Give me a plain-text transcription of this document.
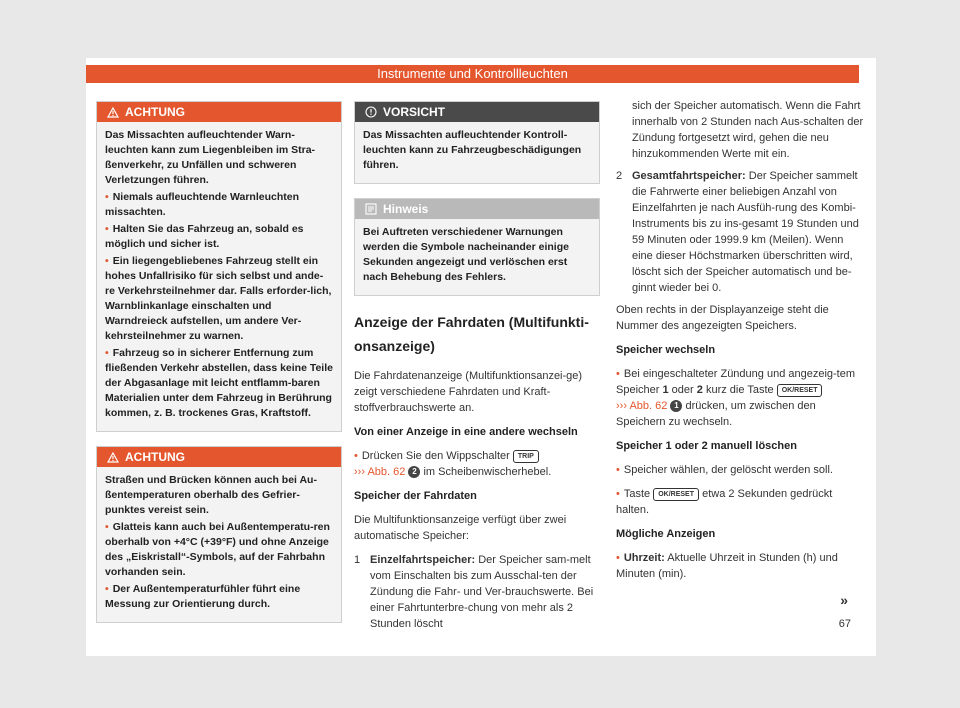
Instrumente und Kontrollleuchten
ACHTUNG

Das Missachten aufleuchtender Warn-leuchten kann zum Liegenbleiben im Stra-ßenverkehr, zu Unfällen und schweren Verletzungen führen.

• Niemals aufleuchtende Warnleuchten missachten.

• Halten Sie das Fahrzeug an, sobald es möglich und sicher ist.

• Ein liegengebliebenes Fahrzeug stellt ein hohes Unfallrisiko für sich selbst und ande-re Verkehrsteilnehmer dar. Falls erforder-lich, Warnblinkanlage einschalten und Warndreieck aufstellen, um andere Ver-kehrsteilnehmer zu warnen.

• Fahrzeug so in sicherer Entfernung zum fließenden Verkehr abstellen, dass keine Teile der Abgasanlage mit leicht entflamm-baren Materialien unter dem Fahrzeug in Berührung kommen, z. B. trockenes Gras, Kraftstoff.

ACHTUNG

Straßen und Brücken können auch bei Au-ßentemperaturen oberhalb des Gefrier-punktes vereist sein.

• Glatteis kann auch bei Außentemperatu-ren oberhalb von +4°C (+39°F) und ohne Anzeige des „Eiskristall“-Symbols, auf der Fahrbahn vorhanden sein.

• Der Außentemperaturfühler führt eine Messung zur Orientierung durch.

VORSICHT

Das Missachten aufleuchtender Kontroll-leuchten kann zu Fahrzeugbeschädigungen führen.

Hinweis

Bei Auftreten verschiedener Warnungen werden die Symbole nacheinander einige Sekunden angezeigt und verlöschen erst nach Behebung des Fehlers.

Anzeige der Fahrdaten (Multifunkti-onsanzeige)

Die Fahrdatenanzeige (Multifunktionsanzei-ge) zeigt verschiedene Fahrdaten und Kraft-stoffverbrauchswerte an.

Von einer Anzeige in eine andere wechseln

• Drücken Sie den Wippschalter TRIP
››› Abb. 62 2 im Scheibenwischerhebel.

Speicher der Fahrdaten

Die Multifunktionsanzeige verfügt über zwei automatische Speicher:

1 Einzelfahrtspeicher: Der Speicher sam-melt vom Einschalten bis zum Ausschal-ten der Zündung die Fahr- und Ver-brauchswerte. Bei einer Fahrtunterbre-chung von mehr als 2 Stunden löscht
sich der Speicher automatisch. Wenn die Fahrt innerhalb von 2 Stunden nach Aus-schalten der Zündung fortgesetzt wird, gehen die neu hinzukommenden Werte mit ein.
2 Gesamtfahrtspeicher: Der Speicher sammelt die Fahrwerte einer beliebigen Anzahl von Einzelfahrten je nach Ausfüh-rung des Kombi-Instruments bis zu ins-gesamt 19 Stunden und 59 Minuten oder 1999.9 km (Meilen). Wenn eine dieser Höchstmarken überschritten wird, löscht sich der Speicher automatisch und be-ginnt wieder bei 0.

Oben rechts in der Displayanzeige steht die Nummer des angezeigten Speichers.

Speicher wechseln

• Bei eingeschalteter Zündung und angezeig-tem Speicher 1 oder 2 kurz die Taste OK/RESET
››› Abb. 62 1 drücken, um zwischen den Speichern zu wechseln.

Speicher 1 oder 2 manuell löschen

• Speicher wählen, der gelöscht werden soll.

• Taste OK/RESET etwa 2 Sekunden gedrückt halten.

Mögliche Anzeigen

• Uhrzeit: Aktuelle Uhrzeit in Stunden (h) und Minuten (min).

»
67
